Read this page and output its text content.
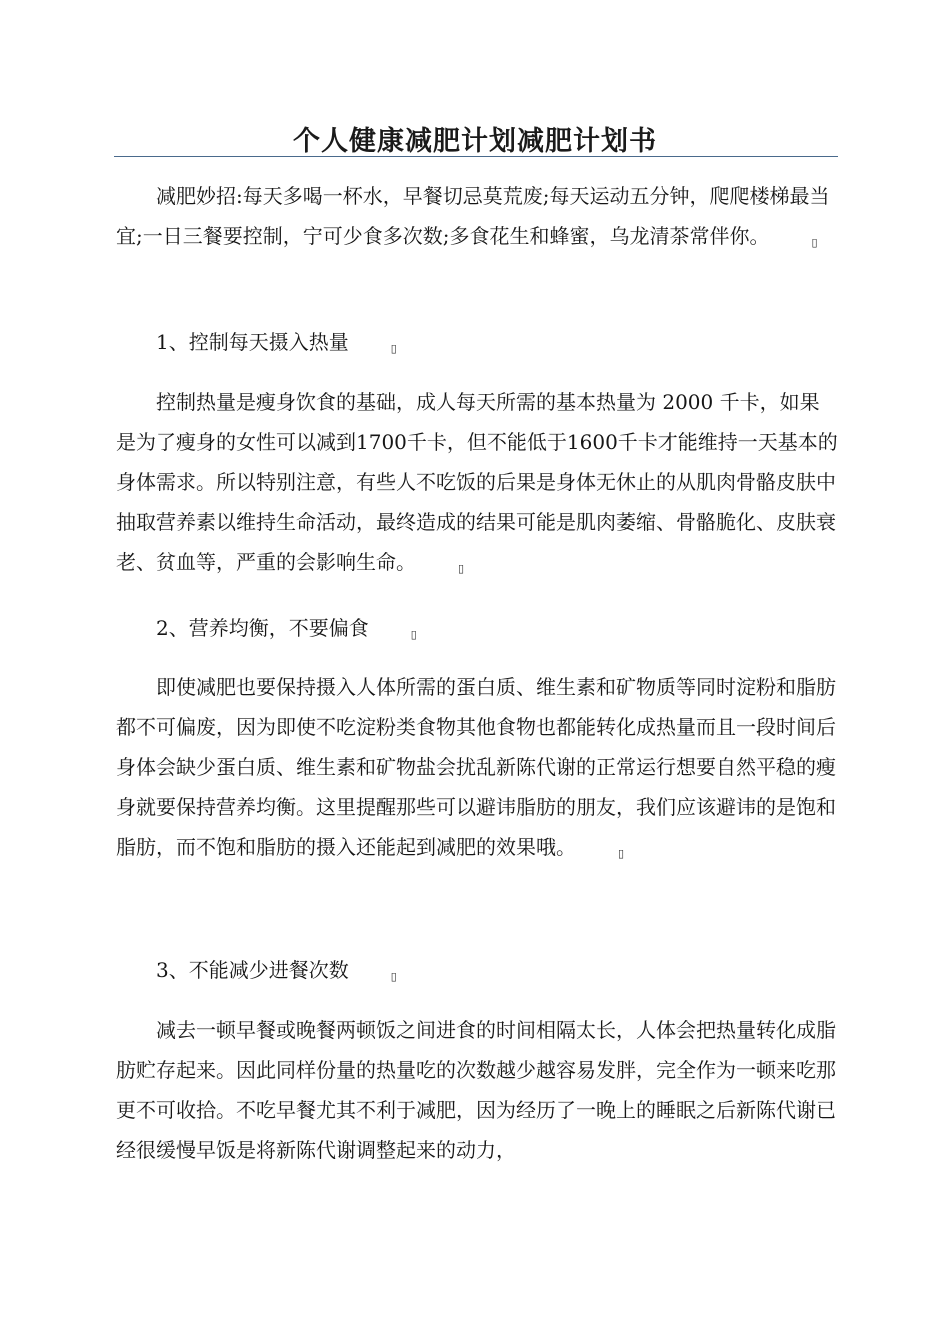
个人健康减肥计划减肥计划书

减肥妙招:每天多喝一杯水，早餐切忌莫荒废;每天运动五分钟，爬爬楼梯最当宜;一日三餐要控制，宁可少食多次数;多食花生和蜂蜜，乌龙清茶常伴你。	▯

1、控制每天摄入热量	▯

控制热量是瘦身饮食的基础，成人每天所需的基本热量为 2000 千卡，如果是为了瘦身的女性可以减到1700千卡，但不能低于1600千卡才能维持一天基本的身体需求。所以特别注意，有些人不吃饭的后果是身体无休止的从肌肉骨骼皮肤中抽取营养素以维持生命活动，最终造成的结果可能是肌肉萎缩、骨骼脆化、皮肤衰老、贫血等，严重的会影响生命。	▯

2、营养均衡，不要偏食	▯

即使减肥也要保持摄入人体所需的蛋白质、维生素和矿物质等同时淀粉和脂肪都不可偏废，因为即使不吃淀粉类食物其他食物也都能转化成热量而且一段时间后身体会缺少蛋白质、维生素和矿物盐会扰乱新陈代谢的正常运行想要自然平稳的瘦身就要保持营养均衡。这里提醒那些可以避讳脂肪的朋友，我们应该避讳的是饱和脂肪，而不饱和脂肪的摄入还能起到减肥的效果哦。	▯

3、不能减少进餐次数	▯

减去一顿早餐或晚餐两顿饭之间进食的时间相隔太长，人体会把热量转化成脂肪贮存起来。因此同样份量的热量吃的次数越少越容易发胖，完全作为一顿来吃那更不可收拾。不吃早餐尤其不利于减肥，因为经历了一晚上的睡眠之后新陈代谢已经很缓慢早饭是将新陈代谢调整起来的动力，
